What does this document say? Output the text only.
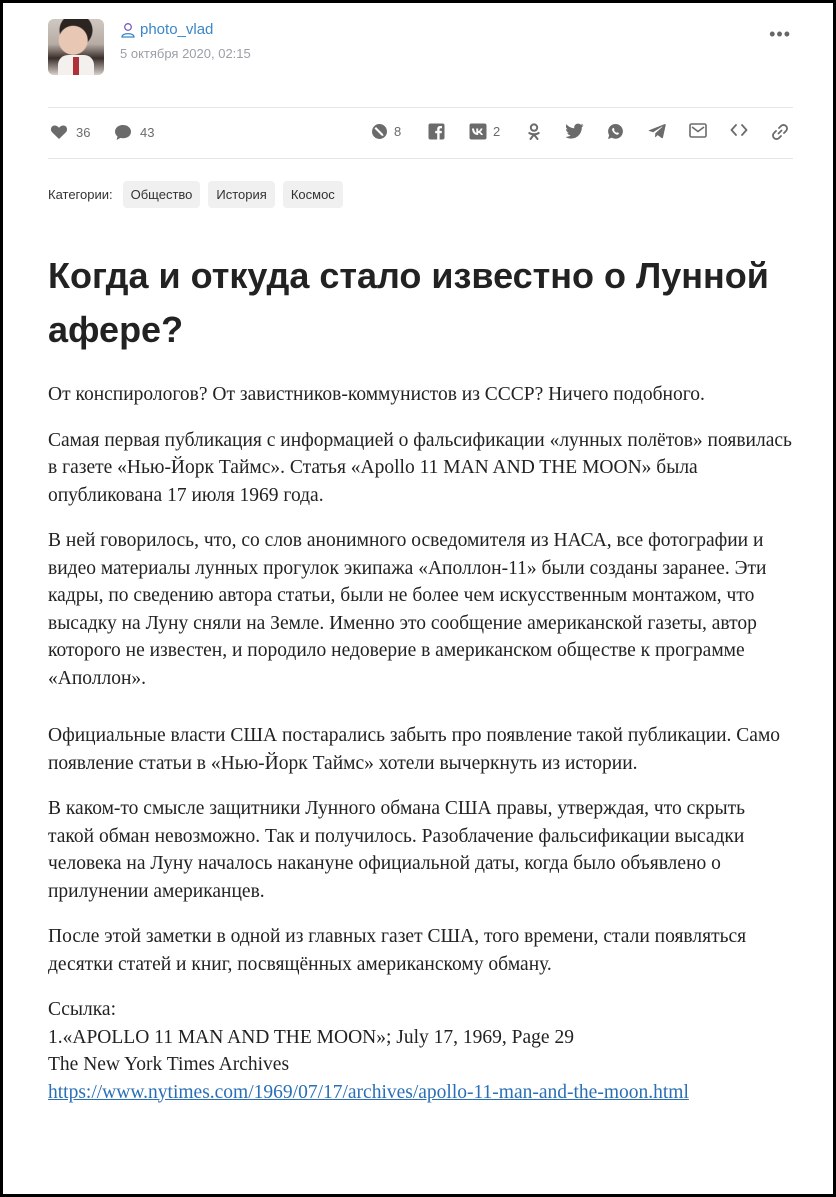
photo_vlad
5 октября 2020, 02:15
•••
36	43	8	2
Категории:	Общество	История	Космос
Когда и откуда стало известно о Лунной афере?

От конспирологов? От завистников-коммунистов из СССР? Ничего подобного.

Самая первая публикация с информацией о фальсификации «лунных полётов» появилась в газете «Нью-Йорк Таймс». Статья «Apollo 11 MAN AND THE MOON» была опубликована 17 июля 1969 года.

В ней говорилось, что, со слов анонимного осведомителя из НАСА, все фотографии и видео материалы лунных прогулок экипажа «Аполлон-11» были созданы заранее. Эти кадры, по сведению автора статьи, были не более чем искусственным монтажом, что высадку на Луну сняли на Земле. Именно это сообщение американской газеты, автор которого не известен, и породило недоверие в американском обществе к программе «Аполлон».

Официальные власти США постарались забыть про появление такой публикации. Само появление статьи в «Нью-Йорк Таймс» хотели вычеркнуть из истории.

В каком-то смысле защитники Лунного обмана США правы, утверждая, что скрыть такой обман невозможно. Так и получилось. Разоблачение фальсификации высадки человека на Луну началось накануне официальной даты, когда было объявлено о прилунении американцев.

После этой заметки в одной из главных газет США, того времени, стали появляться десятки статей и книг, посвящённых американскому обману.

Ссылка:
1.«APOLLO 11 MAN AND THE MOON»; July 17, 1969, Page 29
The New York Times Archives
https://www.nytimes.com/1969/07/17/archives/apollo-11-man-and-the-moon.html
